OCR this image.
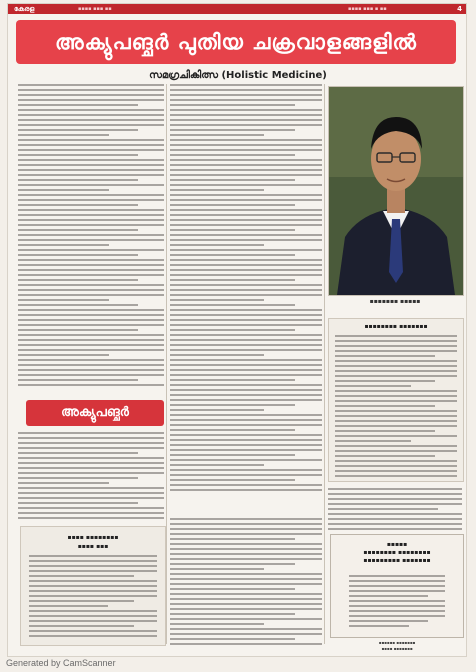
കേരള	▪▪▪▪ ▪▪▪ ▪▪	▪▪▪▪ ▪▪▪ ▪ ▪▪	4
അക്യുപങ്ചർ പുതിയ ചക്രവാളങ്ങളിൽ
സമഗ്രചികിത്സ (Holistic Medicine)
▪▪▪▪▪▪▪ ▪▪▪▪▪
▪▪▪▪▪▪▪▪ ▪▪▪▪▪▪▪
അക്യുപങ്ചർ
▪▪▪▪ ▪▪▪▪▪▪▪▪
▪▪▪▪ ▪▪▪	▪▪▪▪▪
▪▪▪▪▪▪▪▪ ▪▪▪▪▪▪▪▪
▪▪▪▪▪▪▪▪▪ ▪▪▪▪▪▪▪
▪▪▪▪▪▪ ▪▪▪▪▪▪▪
▪▪▪▪ ▪▪▪▪▪▪▪
Generated by CamScanner
